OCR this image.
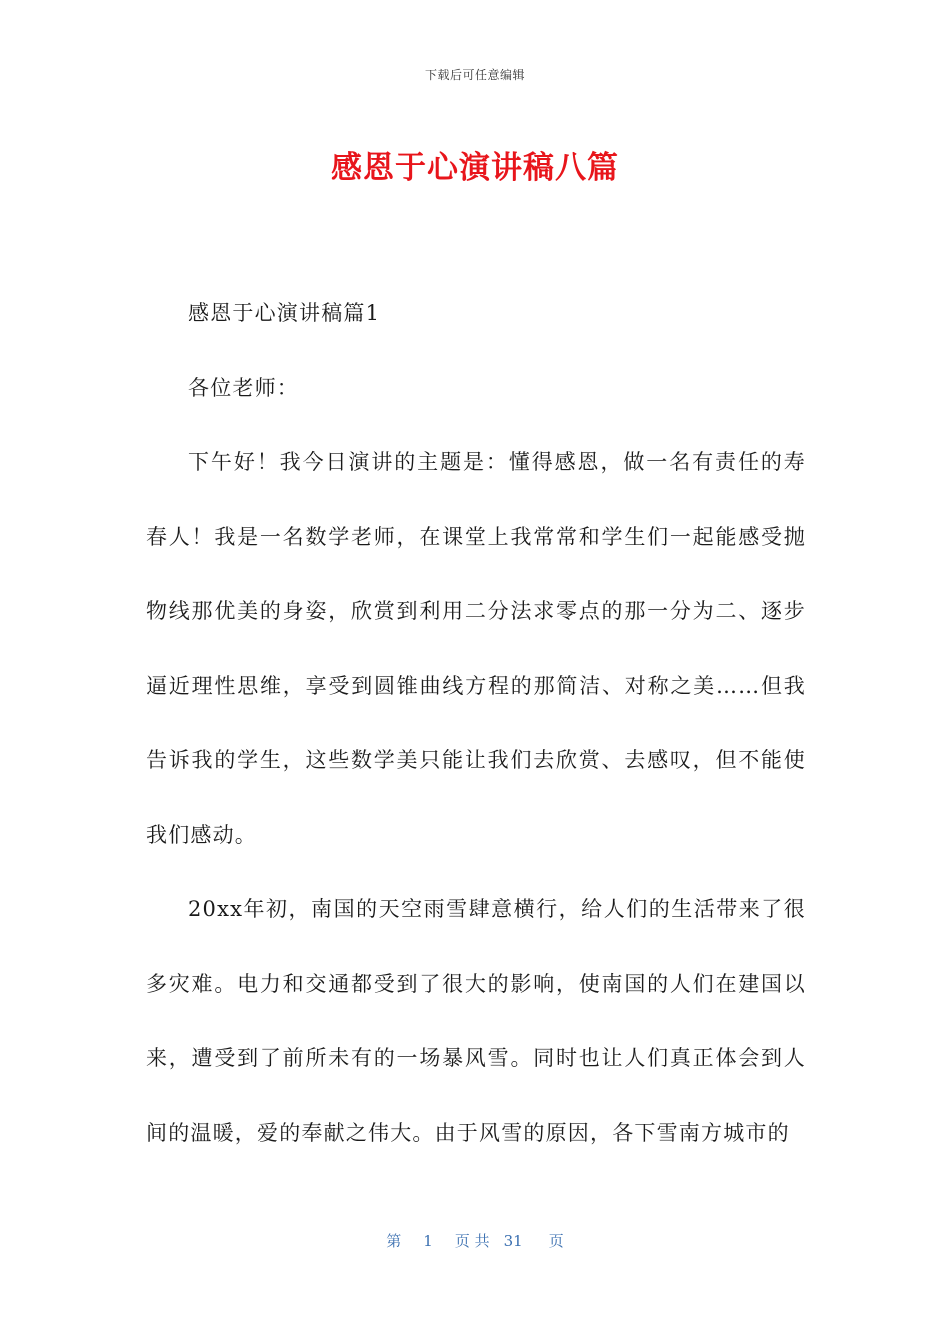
下载后可任意编辑
感恩于心演讲稿八篇

感恩于心演讲稿篇1

各位老师：

下午好！我今日演讲的主题是：懂得感恩，做一名有责任的寿春人！我是一名数学老师，在课堂上我常常和学生们一起能感受抛物线那优美的身姿，欣赏到利用二分法求零点的那一分为二、逐步逼近理性思维，享受到圆锥曲线方程的那简洁、对称之美……但我告诉我的学生，这些数学美只能让我们去欣赏、去感叹，但不能使我们感动。

20xx年初，南国的天空雨雪肆意横行，给人们的生活带来了很多灾难。电力和交通都受到了很大的影响，使南国的人们在建国以来，遭受到了前所未有的一场暴风雪。同时也让人们真正体会到人间的温暖，爱的奉献之伟大。由于风雪的原因，各下雪南方城市的

第 1 页 共 31 页
